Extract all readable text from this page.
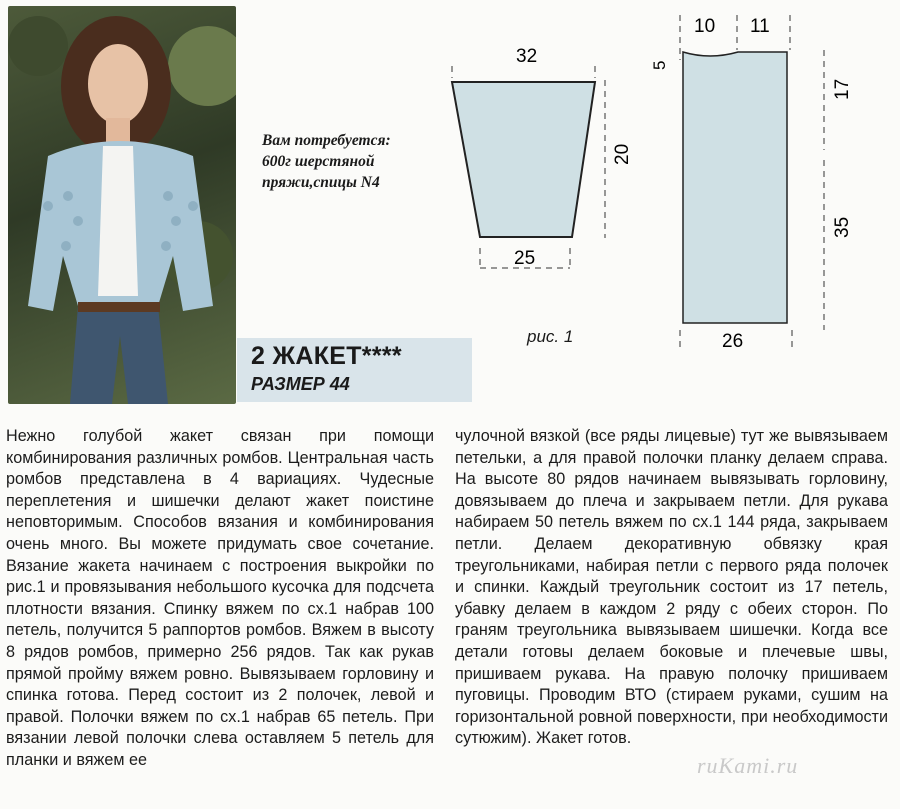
Вам потребуется:
600г шерстяной
пряжи,спицы N4
32
20
25
10 11
5
17
35
26
рис. 1
2 ЖАКЕТ****
РАЗМЕР 44
Нежно голубой жакет связан при помощи комбинирования различных ромбов. Центральная часть ромбов представлена в 4 вариациях. Чудесные переплетения и шишечки делают жакет поистине неповторимым. Способов вязания и комбинирования очень много. Вы можете придумать свое сочетание. Вязание жакета начинаем с построения выкройки по рис.1 и провязывания небольшого кусочка для подсчета плотности вязания. Спинку вяжем по сх.1 набрав 100 петель, получится 5 раппортов ромбов. Вяжем в высоту 8 рядов ромбов, примерно 256 рядов. Так как рукав прямой пройму вяжем ровно. Вывязываем горловину и спинка готова. Перед состоит из 2 полочек, левой и правой. Полочки вяжем по сх.1 набрав 65 петель. При вязании левой полочки слева оставляем 5 петель для планки и вяжем ее
чулочной вязкой (все ряды лицевые) тут же вывязываем петельки, а для правой полочки планку делаем справа. На высоте 80 рядов начинаем вывязывать горловину, довязываем до плеча и закрываем петли. Для рукава набираем 50 петель вяжем по сх.1 144 ряда, закрываем петли. Делаем декоративную обвязку края треугольниками, набирая петли с первого ряда полочек и спинки. Каждый треугольник состоит из 17 петель, убавку делаем в каждом 2 ряду с обеих сторон. По граням треугольника вывязываем шишечки. Когда все детали готовы делаем боковые и плечевые швы, пришиваем рукава. На правую полочку пришиваем пуговицы. Проводим ВТО (стираем руками, сушим на горизонтальной ровной поверхности, при необходимости сутюжим). Жакет готов.
ruKami.ru
